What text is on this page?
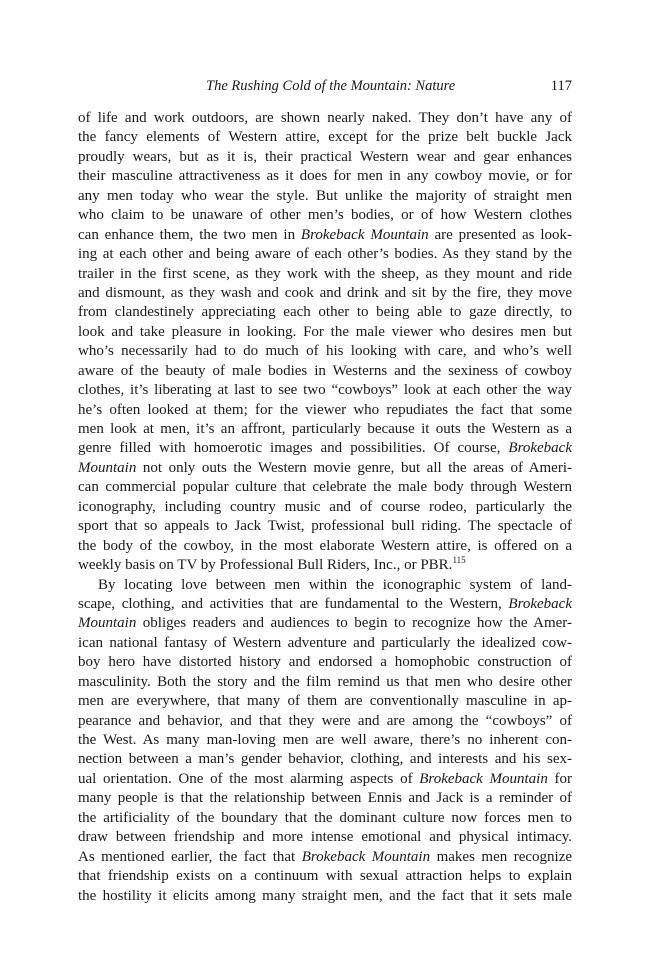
The Rushing Cold of the Mountain: Nature	117
of life and work outdoors, are shown nearly naked. They don’t have any of
the fancy elements of Western attire, except for the prize belt buckle Jack
proudly wears, but as it is, their practical Western wear and gear enhances
their masculine attractiveness as it does for men in any cowboy movie, or for
any men today who wear the style. But unlike the majority of straight men
who claim to be unaware of other men’s bodies, or of how Western clothes
can enhance them, the two men in Brokeback Mountain are presented as look-
ing at each other and being aware of each other’s bodies. As they stand by the
trailer in the first scene, as they work with the sheep, as they mount and ride
and dismount, as they wash and cook and drink and sit by the fire, they move
from clandestinely appreciating each other to being able to gaze directly, to
look and take pleasure in looking. For the male viewer who desires men but
who’s necessarily had to do much of his looking with care, and who’s well
aware of the beauty of male bodies in Westerns and the sexiness of cowboy
clothes, it’s liberating at last to see two “cowboys” look at each other the way
he’s often looked at them; for the viewer who repudiates the fact that some
men look at men, it’s an affront, particularly because it outs the Western as a
genre filled with homoerotic images and possibilities. Of course, Brokeback
Mountain not only outs the Western movie genre, but all the areas of Ameri-
can commercial popular culture that celebrate the male body through Western
iconography, including country music and of course rodeo, particularly the
sport that so appeals to Jack Twist, professional bull riding. The spectacle of
the body of the cowboy, in the most elaborate Western attire, is offered on a
weekly basis on TV by Professional Bull Riders, Inc., or PBR.$^{115}$
By locating love between men within the iconographic system of land-
scape, clothing, and activities that are fundamental to the Western, Brokeback
Mountain obliges readers and audiences to begin to recognize how the Amer-
ican national fantasy of Western adventure and particularly the idealized cow-
boy hero have distorted history and endorsed a homophobic construction of
masculinity. Both the story and the film remind us that men who desire other
men are everywhere, that many of them are conventionally masculine in ap-
pearance and behavior, and that they were and are among the “cowboys” of
the West. As many man-loving men are well aware, there’s no inherent con-
nection between a man’s gender behavior, clothing, and interests and his sex-
ual orientation. One of the most alarming aspects of Brokeback Mountain for
many people is that the relationship between Ennis and Jack is a reminder of
the artificiality of the boundary that the dominant culture now forces men to
draw between friendship and more intense emotional and physical intimacy.
As mentioned earlier, the fact that Brokeback Mountain makes men recognize
that friendship exists on a continuum with sexual attraction helps to explain
the hostility it elicits among many straight men, and the fact that it sets male
